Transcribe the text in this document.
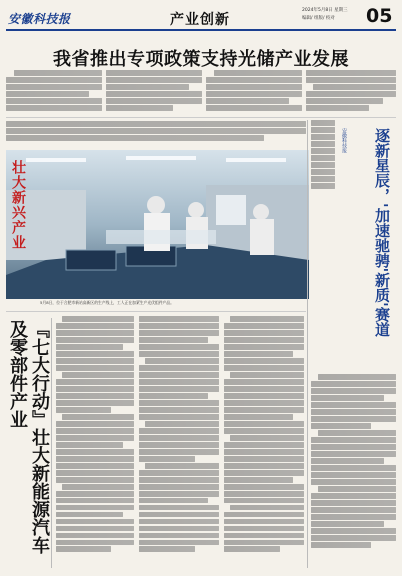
安徽科技报	产业创新
2024年5月8日 星期三
编辑/ 组版/ 校对 05
我省推出专项政策支持光储产业发展
5月8日，位于合肥市新站高新区的生产线上，工人正在加紧生产光伏组件产品。
壮大新兴产业	逐新星辰，'加速驰骋'新质'赛道
安徽科技报
『七大行动』壮大新能源汽车及零部件产业
